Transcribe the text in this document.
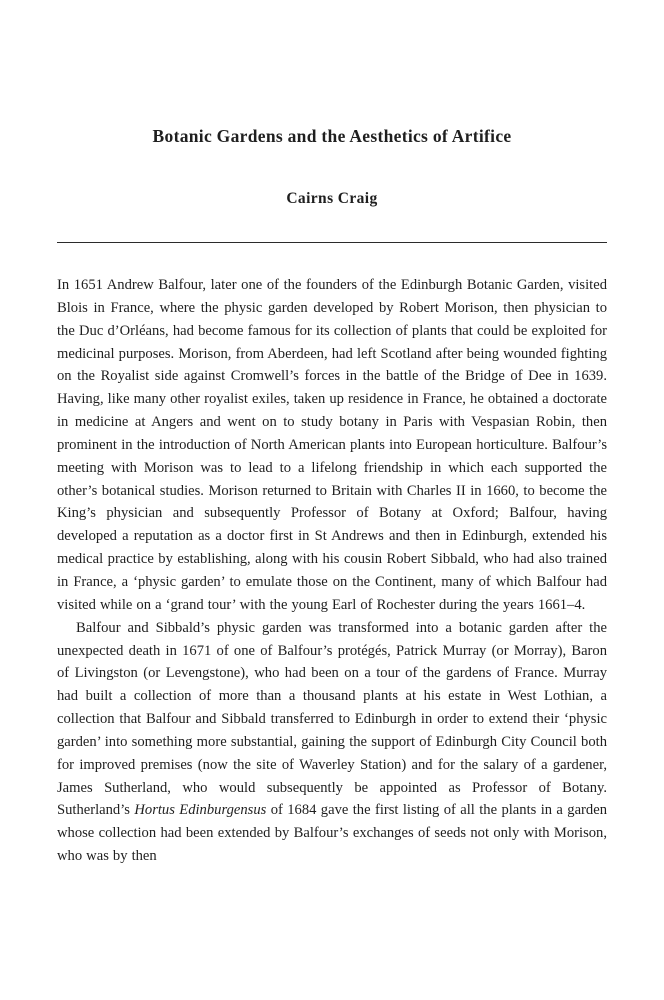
Botanic Gardens and the Aesthetics of Artifice
Cairns Craig

In 1651 Andrew Balfour, later one of the founders of the Edinburgh Botanic Garden, visited Blois in France, where the physic garden developed by Robert Morison, then physician to the Duc d’Orléans, had become famous for its collection of plants that could be exploited for medicinal purposes. Morison, from Aberdeen, had left Scotland after being wounded fighting on the Royalist side against Cromwell’s forces in the battle of the Bridge of Dee in 1639. Having, like many other royalist exiles, taken up residence in France, he obtained a doctorate in medicine at Angers and went on to study botany in Paris with Vespasian Robin, then prominent in the introduction of North American plants into European horticulture. Balfour’s meeting with Morison was to lead to a lifelong friendship in which each supported the other’s botanical studies. Morison returned to Britain with Charles II in 1660, to become the King’s physician and subsequently Professor of Botany at Oxford; Balfour, having developed a reputation as a doctor first in St Andrews and then in Edinburgh, extended his medical practice by establishing, along with his cousin Robert Sibbald, who had also trained in France, a ‘physic garden’ to emulate those on the Continent, many of which Balfour had visited while on a ‘grand tour’ with the young Earl of Rochester during the years 1661–4.

Balfour and Sibbald’s physic garden was transformed into a botanic garden after the unexpected death in 1671 of one of Balfour’s protégés, Patrick Murray (or Morray), Baron of Livingston (or Levengstone), who had been on a tour of the gardens of France. Murray had built a collection of more than a thousand plants at his estate in West Lothian, a collection that Balfour and Sibbald transferred to Edinburgh in order to extend their ‘physic garden’ into something more substantial, gaining the support of Edinburgh City Council both for improved premises (now the site of Waverley Station) and for the salary of a gardener, James Sutherland, who would subsequently be appointed as Professor of Botany. Sutherland’s Hortus Edinburgensus of 1684 gave the first listing of all the plants in a garden whose collection had been extended by Balfour’s exchanges of seeds not only with Morison, who was by then
